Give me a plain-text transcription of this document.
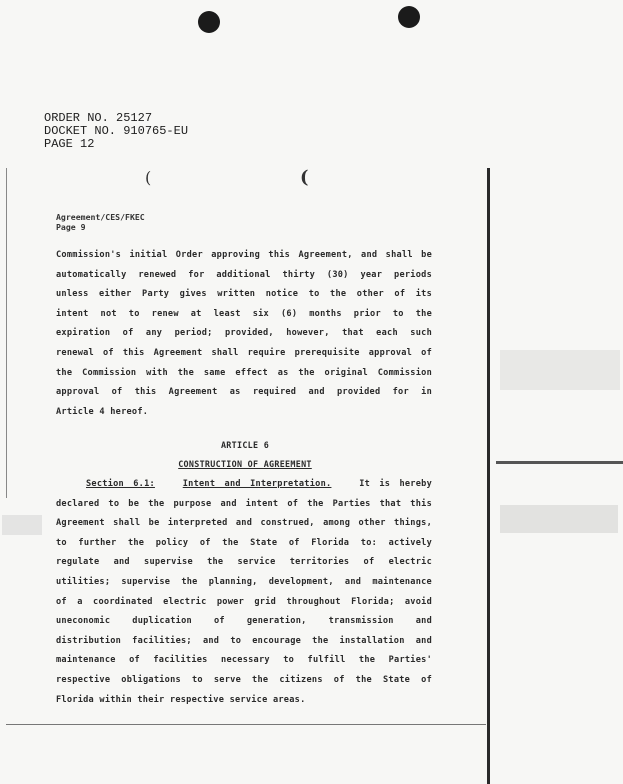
ORDER NO. 25127
DOCKET NO. 910765-EU
PAGE 12
(	(
Agreement/CES/FKEC
Page 9
Commission's initial Order approving this Agreement, and shall be
automatically renewed for additional thirty (30) year periods
unless either Party gives written notice to the other of its
intent not to renew at least six (6) months prior to the
expiration of any period; provided, however, that each such
renewal of this Agreement shall require prerequisite approval of
the Commission with the same effect as the original Commission
approval of this Agreement as required and provided for in
Article 4 hereof.
ARTICLE 6
CONSTRUCTION OF AGREEMENT
Section 6.1:	Intent and Interpretation.	It is hereby
declared to be the purpose and intent of the Parties that this
Agreement shall be interpreted and construed, among other things,
to further the policy of the State of Florida to: actively
regulate and supervise the service territories of electric
utilities; supervise the planning, development, and maintenance
of a coordinated electric power grid throughout Florida; avoid
uneconomic duplication of generation, transmission and
distribution facilities; and to encourage the installation and
maintenance of facilities necessary to fulfill the Parties'
respective obligations to serve the citizens of the State of
Florida within their respective service areas.
